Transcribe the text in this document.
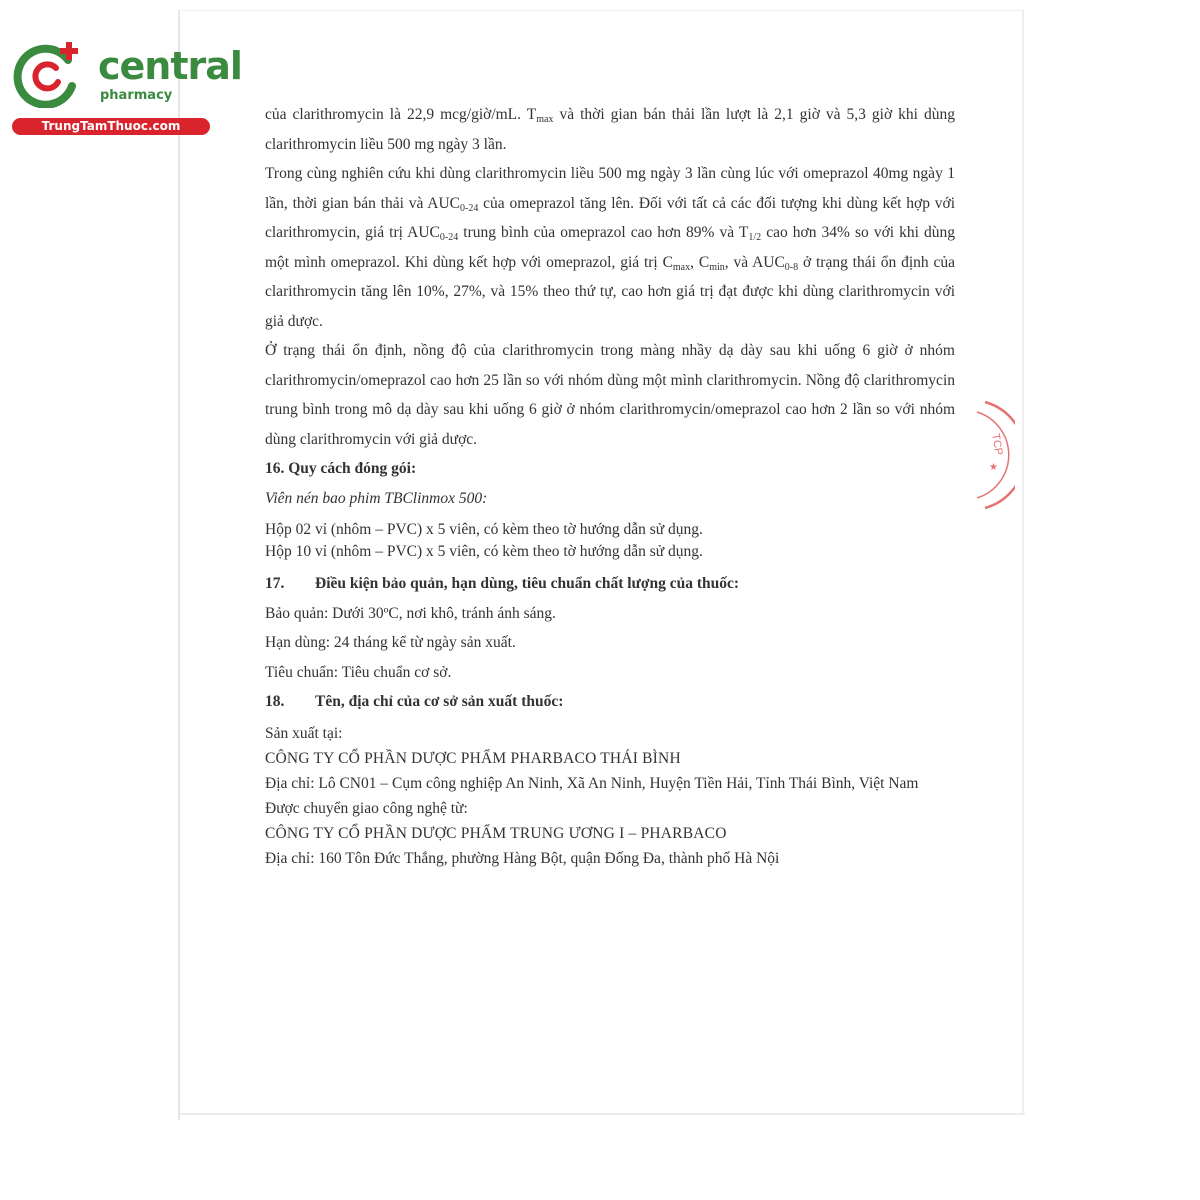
central
pharmacy
TrungTamThuoc.com
TCP
★

của clarithromycin là 22,9 mcg/giờ/mL. $T_{max}$ và thời gian bán thải lần lượt là 2,1 giờ và 5,3 giờ khi dùng clarithromycin liều 500 mg ngày 3 lần.

Trong cùng nghiên cứu khi dùng clarithromycin liều 500 mg ngày 3 lần cùng lúc với omeprazol 40mg ngày 1 lần, thời gian bán thải và $AUC_{0-24}$ của omeprazol tăng lên. Đối với tất cả các đối tượng khi dùng kết hợp với clarithromycin, giá trị $AUC_{0-24}$ trung bình của omeprazol cao hơn 89% và $T_{1/2}$ cao hơn 34% so với khi dùng một mình omeprazol. Khi dùng kết hợp với omeprazol, giá trị $C_{max}$, $C_{min}$, và $AUC_{0-8}$ ở trạng thái ổn định của clarithromycin tăng lên 10%, 27%, và 15% theo thứ tự, cao hơn giá trị đạt được khi dùng clarithromycin với giả dược.

Ở trạng thái ổn định, nồng độ của clarithromycin trong màng nhầy dạ dày sau khi uống 6 giờ ở nhóm clarithromycin/omeprazol cao hơn 25 lần so với nhóm dùng một mình clarithromycin. Nồng độ clarithromycin trung bình trong mô dạ dày sau khi uống 6 giờ ở nhóm clarithromycin/omeprazol cao hơn 2 lần so với nhóm dùng clarithromycin với giả dược.

16. Quy cách đóng gói:

Viên nén bao phim TBClinmox 500:

Hộp 02 vỉ (nhôm – PVC) x 5 viên, có kèm theo tờ hướng dẫn sử dụng.

Hộp 10 vỉ (nhôm – PVC) x 5 viên, có kèm theo tờ hướng dẫn sử dụng.

17. Điều kiện bảo quản, hạn dùng, tiêu chuẩn chất lượng của thuốc:

Bảo quản: Dưới 30ºC, nơi khô, tránh ánh sáng.

Hạn dùng: 24 tháng kể từ ngày sản xuất.

Tiêu chuẩn: Tiêu chuẩn cơ sở.

18. Tên, địa chỉ của cơ sở sản xuất thuốc:

Sản xuất tại:

CÔNG TY CỔ PHẦN DƯỢC PHẨM PHARBACO THÁI BÌNH

Địa chỉ: Lô CN01 – Cụm công nghiệp An Ninh, Xã An Ninh, Huyện Tiền Hải, Tỉnh Thái Bình, Việt Nam

Được chuyển giao công nghệ từ:

CÔNG TY CỔ PHẦN DƯỢC PHẨM TRUNG ƯƠNG I – PHARBACO

Địa chỉ: 160 Tôn Đức Thắng, phường Hàng Bột, quận Đống Đa, thành phố Hà Nội
